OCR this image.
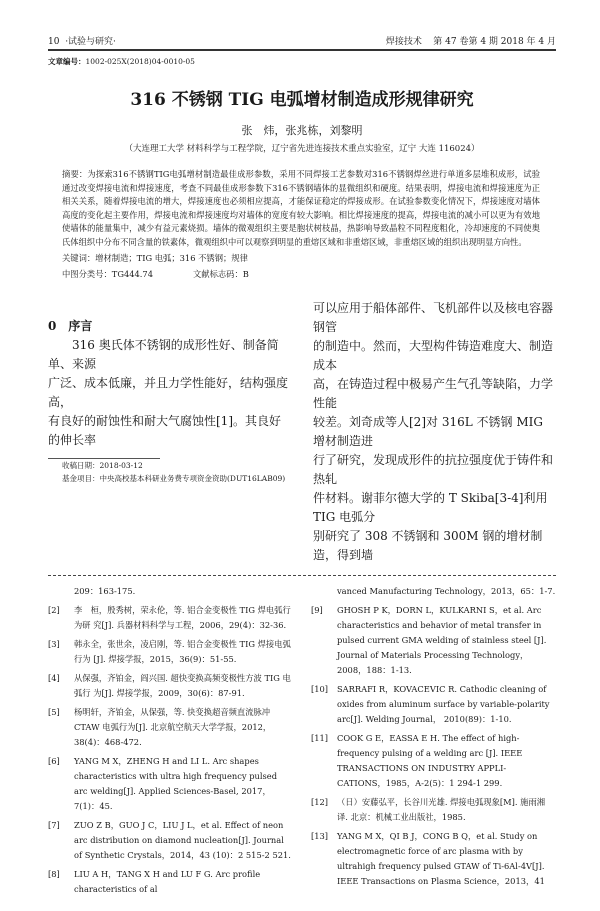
10 ·试验与研究·	焊接技术 第 47 卷第 4 期 2018 年 4 月
文章编号：1002-025X(2018)04-0010-05
316 不锈钢 TIG 电弧增材制造成形规律研究
张　炜，张兆栋，刘黎明
（大连理工大学 材料科学与工程学院，辽宁省先进连接技术重点实验室，辽宁 大连 116024）
摘要：为探索316不锈钢TIG电弧增材制造最佳成形参数，采用不同焊接工艺参数对316不锈钢焊丝进行单道多层堆积成形，试验通过改变焊接电流和焊接速度，考查不同最佳成形参数下316不锈钢墙体的显微组织和硬度。结果表明，焊接电流和焊接速度为正相关关系，随着焊接电流的增大，焊接速度也必须相应提高，才能保证稳定的焊接成形。在试验参数变化情况下，焊接速度对墙体高度的变化起主要作用，焊接电流和焊接速度均对墙体的宽度有较大影响。相比焊接速度的提高，焊接电流的减小可以更为有效地使墙体的能量集中，减少有益元素烧损。墙体的微观组织主要是胞状树枝晶，热影响导致晶粒不同程度粗化，冷却速度的不同使奥氏体组织中分布不同含量的铁素体，微观组织中可以观察到明显的重熔区域和非重熔区域，非重熔区域的组织出现明显方向性。
关键词：增材制造；TIG 电弧；316 不锈钢；规律
中图分类号：TG444.74	文献标志码：B
0　序言
316 奥氏体不锈钢的成形性好、制备简单、来源
广泛、成本低廉，并且力学性能好，结构强度高，
有良好的耐蚀性和耐大气腐蚀性[1]。其良好的伸长率
收稿日期：2018-03-12
基金项目：中央高校基本科研业务费专项资金资助(DUT16LAB09)
可以应用于船体部件、飞机部件以及核电容器钢管
的制造中。然而，大型构件铸造难度大、制造成本
高，在铸造过程中极易产生气孔等缺陷，力学性能
较差。刘奇成等人[2]对 316L 不锈钢 MIG 增材制造进
行了研究，发现成形件的抗拉强度优于铸件和热轧
件材料。谢菲尔德大学的 T Skiba[3-4]利用 TIG 电弧分
别研究了 308 不锈钢和 300M 钢的增材制造，得到墙
209：163-175.
[2]	李　桓，殷秀树，荣永伦，等. 铝合金变极性 TIG 焊电弧行为研 究[J]. 兵器材料科学与工程，2006，29(4)：32-36.
[3]	韩永全，张世余，凌启刚，等. 铝合金变极性 TIG 焊接电弧行为 [J]. 焊接学报，2015，36(9)：51-55.
[4]	从保强，齐铂金，阎兴国. 超快变换高频变极性方波 TIG 电弧行 为[J]. 焊接学报，2009，30(6)：87-91.
[5]	杨明轩，齐铂金，从保强，等. 快变换超音频直流脉冲 CTAW 电弧行为[J]. 北京航空航天大学学报，2012，38(4)：468-472.
[6]	YANG M X，ZHENG H and LI L. Arc shapes characteristics with ultra high frequency pulsed arc welding[J]. Applied Sciences-Basel, 2017，7(1)：45.
[7]	ZUO Z B，GUO J C，LIU J L，et al. Effect of neon arc distribution on diamond nucleation[J]. Journal of Synthetic Crystals，2014，43 (10)：2 515-2 521.
[8]	LIU A H，TANG X H and LU F G. Arc profile characteristics of al
vanced Manufacturing Technology，2013，65：1-7.
[9]	GHOSH P K，DORN L，KULKARNI S，et al. Arc characteristics and behavior of metal transfer in pulsed current GMA welding of stainless steel [J]. Journal of Materials Processing Technology，2008，188：1-13.
[10]	SARRAFI R，KOVACEVIC R. Cathodic cleaning of oxides from aluminum surface by variable-polarity arc[J]. Welding Journal， 2010(89)：1-10.
[11]	COOK G E，EASSA E H. The effect of high-frequency pulsing of a welding arc [J]. IEEE TRANSACTIONS ON INDUSTRY APPLI-CATIONS，1985，A-2(5)：1 294-1 299.
[12]	（日）安藤弘平，长谷川光雄. 焊接电弧现象[M]. 施雨湘　译. 北京：机械工业出版社，1985.
[13]	YANG M X，QI B J，CONG B Q，et al. Study on electromagnetic force of arc plasma with by ultrahigh frequency pulsed GTAW of Ti-6Al-4V[J]. IEEE Transactions on Plasma Science，2013，41
